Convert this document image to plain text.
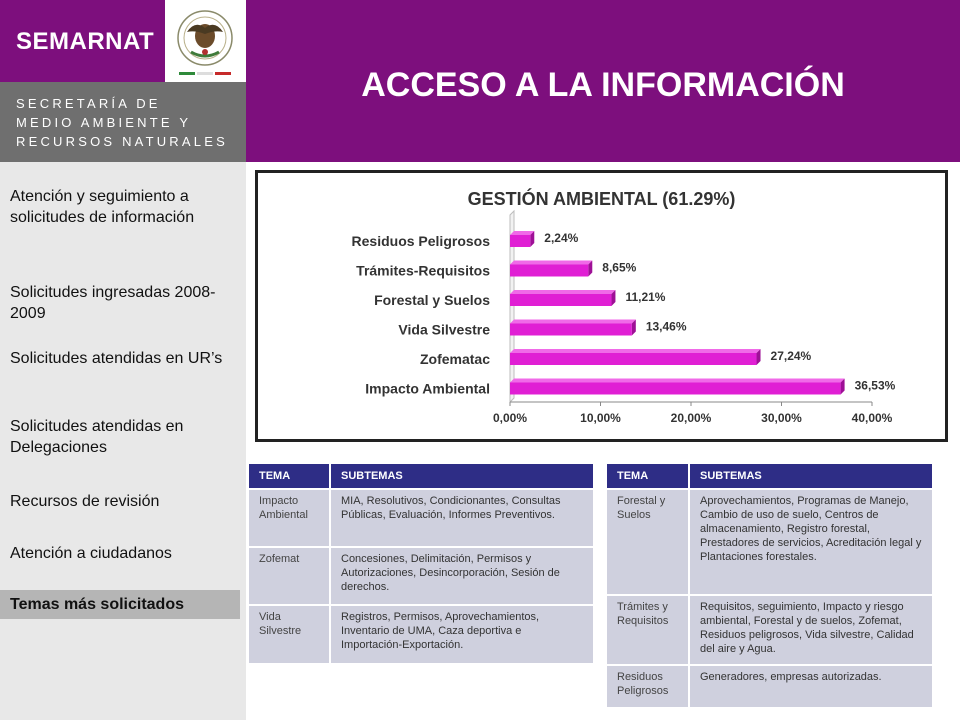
SEMARNAT
ACCESO A LA INFORMACIÓN
SECRETARÍA DE
MEDIO AMBIENTE Y
RECURSOS NATURALES
Atención y seguimiento a solicitudes de información
Solicitudes ingresadas 2008-2009
Solicitudes atendidas en UR’s
Solicitudes atendidas en Delegaciones
Recursos de revisión
Atención a ciudadanos
Temas más solicitados
GESTIÓN AMBIENTAL (61.29%)
0,00%	10,00%	20,00%	30,00%	40,00%
Residuos Peligrosos	2,24%
Trámites-Requisitos	8,65%
Forestal y Suelos	11,21%
Vida Silvestre	13,46%
Zofematac	27,24%
Impacto Ambiental	36,53%
TEMA	SUBTEMAS
Impacto Ambiental	MIA, Resolutivos, Condicionantes, Consultas Públicas, Evaluación, Informes Preventivos.
Zofemat	Concesiones, Delimitación, Permisos y Autorizaciones, Desincorporación, Sesión de derechos.
Vida Silvestre	Registros, Permisos, Aprovechamientos, Inventario de UMA, Caza deportiva e Importación-Exportación.
TEMA	SUBTEMAS
Forestal y Suelos	Aprovechamientos, Programas de Manejo, Cambio de uso de suelo, Centros de almacenamiento, Registro forestal, Prestadores de servicios, Acreditación legal y Plantaciones forestales.
Trámites y Requisitos	Requisitos, seguimiento, Impacto y riesgo ambiental, Forestal y de suelos, Zofemat, Residuos peligrosos, Vida silvestre, Calidad del aire y Agua.
Residuos Peligrosos	Generadores, empresas autorizadas.
